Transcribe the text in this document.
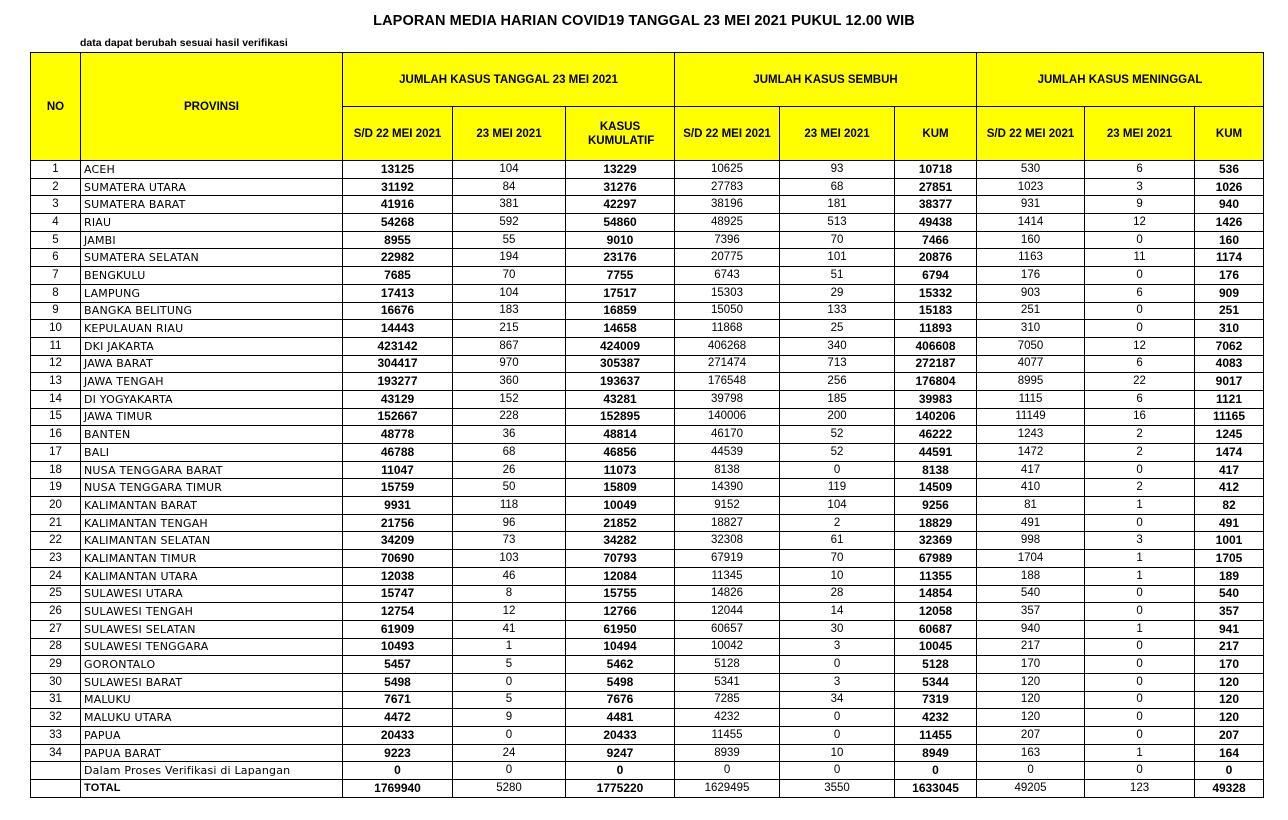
LAPORAN MEDIA HARIAN COVID19 TANGGAL 23 MEI 2021 PUKUL 12.00 WIB
data dapat berubah sesuai hasil verifikasi
NO	PROVINSI	JUMLAH KASUS TANGGAL 23 MEI 2021			JUMLAH KASUS SEMBUH			JUMLAH KASUS MENINGGAL		
		S/D 22 MEI 2021	23 MEI 2021	KASUS KUMULATIF	S/D 22 MEI 2021	23 MEI 2021	KUM	S/D 22 MEI 2021	23 MEI 2021	KUM
1	ACEH	13125	104	13229	10625	93	10718	530	6	536
2	SUMATERA UTARA	31192	84	31276	27783	68	27851	1023	3	1026
3	SUMATERA BARAT	41916	381	42297	38196	181	38377	931	9	940
4	RIAU	54268	592	54860	48925	513	49438	1414	12	1426
5	JAMBI	8955	55	9010	7396	70	7466	160	0	160
6	SUMATERA SELATAN	22982	194	23176	20775	101	20876	1163	11	1174
7	BENGKULU	7685	70	7755	6743	51	6794	176	0	176
8	LAMPUNG	17413	104	17517	15303	29	15332	903	6	909
9	BANGKA BELITUNG	16676	183	16859	15050	133	15183	251	0	251
10	KEPULAUAN RIAU	14443	215	14658	11868	25	11893	310	0	310
11	DKI JAKARTA	423142	867	424009	406268	340	406608	7050	12	7062
12	JAWA BARAT	304417	970	305387	271474	713	272187	4077	6	4083
13	JAWA TENGAH	193277	360	193637	176548	256	176804	8995	22	9017
14	DI YOGYAKARTA	43129	152	43281	39798	185	39983	1115	6	1121
15	JAWA TIMUR	152667	228	152895	140006	200	140206	11149	16	11165
16	BANTEN	48778	36	48814	46170	52	46222	1243	2	1245
17	BALI	46788	68	46856	44539	52	44591	1472	2	1474
18	NUSA TENGGARA BARAT	11047	26	11073	8138	0	8138	417	0	417
19	NUSA TENGGARA TIMUR	15759	50	15809	14390	119	14509	410	2	412
20	KALIMANTAN BARAT	9931	118	10049	9152	104	9256	81	1	82
21	KALIMANTAN TENGAH	21756	96	21852	18827	2	18829	491	0	491
22	KALIMANTAN SELATAN	34209	73	34282	32308	61	32369	998	3	1001
23	KALIMANTAN TIMUR	70690	103	70793	67919	70	67989	1704	1	1705
24	KALIMANTAN UTARA	12038	46	12084	11345	10	11355	188	1	189
25	SULAWESI UTARA	15747	8	15755	14826	28	14854	540	0	540
26	SULAWESI TENGAH	12754	12	12766	12044	14	12058	357	0	357
27	SULAWESI SELATAN	61909	41	61950	60657	30	60687	940	1	941
28	SULAWESI TENGGARA	10493	1	10494	10042	3	10045	217	0	217
29	GORONTALO	5457	5	5462	5128	0	5128	170	0	170
30	SULAWESI BARAT	5498	0	5498	5341	3	5344	120	0	120
31	MALUKU	7671	5	7676	7285	34	7319	120	0	120
32	MALUKU UTARA	4472	9	4481	4232	0	4232	120	0	120
33	PAPUA	20433	0	20433	11455	0	11455	207	0	207
34	PAPUA BARAT	9223	24	9247	8939	10	8949	163	1	164
	Dalam Proses Verifikasi di Lapangan	0	0	0	0	0	0	0	0	0
	TOTAL	1769940	5280	1775220	1629495	3550	1633045	49205	123	49328
